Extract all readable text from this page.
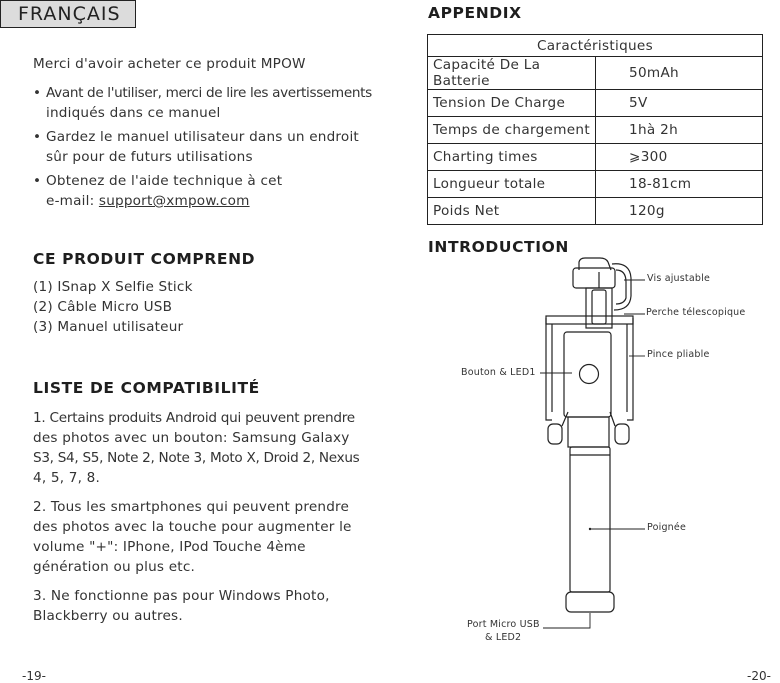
FRANÇAIS
Merci d'avoir acheter ce produit MPOW
• Avant de l'utiliser, merci de lire les avertissements
indiqués dans ce manuel
• Gardez le manuel utilisateur dans un endroit
sûr pour de futurs utilisations
• Obtenez de l'aide technique à cet
e-mail: support@xmpow.com
CE PRODUIT COMPREND
(1) ISnap X Selfie Stick
(2) Câble Micro USB
(3) Manuel utilisateur
LISTE DE COMPATIBILITÉ
1. Certains produits Android qui peuvent prendre
des photos avec un bouton: Samsung Galaxy
S3, S4, S5, Note 2, Note 3, Moto X, Droid 2, Nexus
4, 5, 7, 8.
2. Tous les smartphones qui peuvent prendre
des photos avec la touche pour augmenter le
volume "+": IPhone, IPod Touche 4ème
génération ou plus etc.
3. Ne fonctionne pas pour Windows Photo,
Blackberry ou autres.
-19-
APPENDIX
Caractéristiques	
Capacité De La Batterie	50mAh
Tension De Charge	5V
Temps de chargement	1hà 2h
Charting times	⩾300
Longueur totale	18-81cm
Poids Net	120g
INTRODUCTION
Vis ajustable
Perche télescopique
Pince pliable
Bouton & LED1
Poignée
Port Micro USB
& LED2
-20-
